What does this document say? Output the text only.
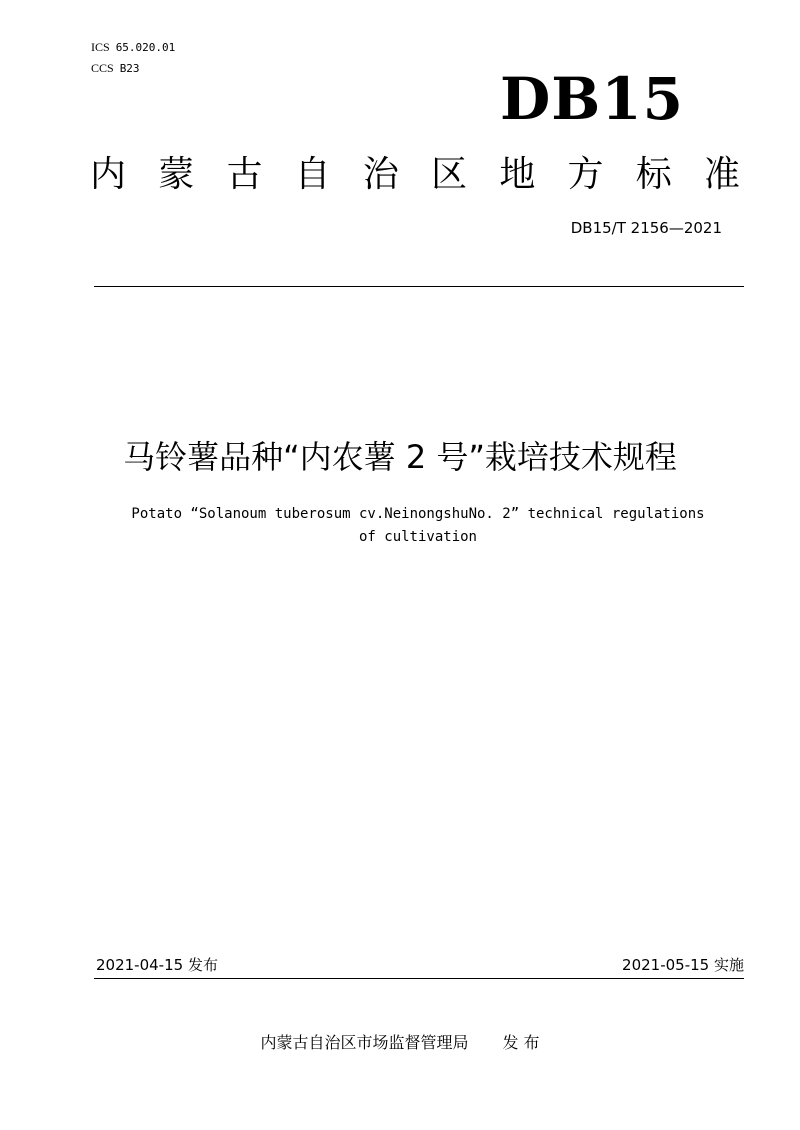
ICS 65.020.01
CCS B23	DB15
内 蒙 古 自 治 区 地 方 标 准
DB15/T 2156—2021
马铃薯品种“内农薯 2 号”栽培技术规程
Potato “Solanoum tuberosum cv.NeinongshuNo. 2” technical regulations
of cultivation
2021-04-15 发布	2021-05-15 实施
内蒙古自治区市场监督管理局 发 布
